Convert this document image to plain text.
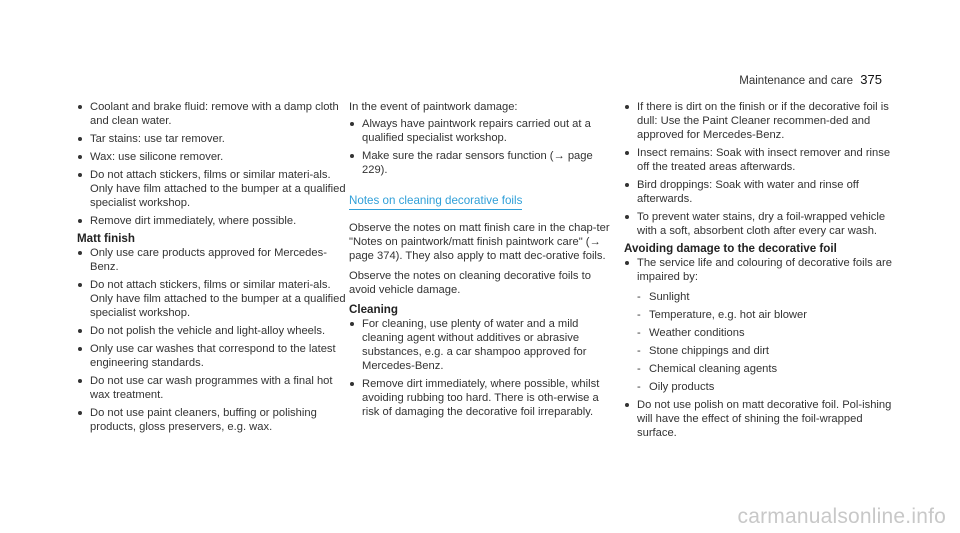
Maintenance and care 375
Coolant and brake fluid: remove with a damp cloth and clean water.
Tar stains: use tar remover.
Wax: use silicone remover.
Do not attach stickers, films or similar materi-als. Only have film attached to the bumper at a qualified specialist workshop.
Remove dirt immediately, where possible.
Matt finish
Only use care products approved for Mercedes-Benz.
Do not attach stickers, films or similar materi-als. Only have film attached to the bumper at a qualified specialist workshop.
Do not polish the vehicle and light-alloy wheels.
Only use car washes that correspond to the latest engineering standards.
Do not use car wash programmes with a final hot wax treatment.
Do not use paint cleaners, buffing or polishing products, gloss preservers, e.g. wax.

In the event of paintwork damage:

Always have paintwork repairs carried out at a qualified specialist workshop.
Make sure the radar sensors function (→ page 229).
Notes on cleaning decorative foils

Observe the notes on matt finish care in the chap-ter "Notes on paintwork/matt finish paintwork care" (→ page 374). They also apply to matt dec-orative foils.

Observe the notes on cleaning decorative foils to avoid vehicle damage.

Cleaning
For cleaning, use plenty of water and a mild cleaning agent without additives or abrasive substances, e.g. a car shampoo approved for Mercedes-Benz.
Remove dirt immediately, where possible, whilst avoiding rubbing too hard. There is oth-erwise a risk of damaging the decorative foil irreparably.
If there is dirt on the finish or if the decorative foil is dull: Use the Paint Cleaner recommen-ded and approved for Mercedes-Benz.
Insect remains: Soak with insect remover and rinse off the treated areas afterwards.
Bird droppings: Soak with water and rinse off afterwards.
To prevent water stains, dry a foil-wrapped vehicle with a soft, absorbent cloth after every car wash.
Avoiding damage to the decorative foil
The service life and colouring of decorative foils are impaired by:
- Sunlight
- Temperature, e.g. hot air blower
- Weather conditions
- Stone chippings and dirt
- Chemical cleaning agents
- Oily products
Do not use polish on matt decorative foil. Pol-ishing will have the effect of shining the foil-wrapped surface.
carmanualsonline.info
